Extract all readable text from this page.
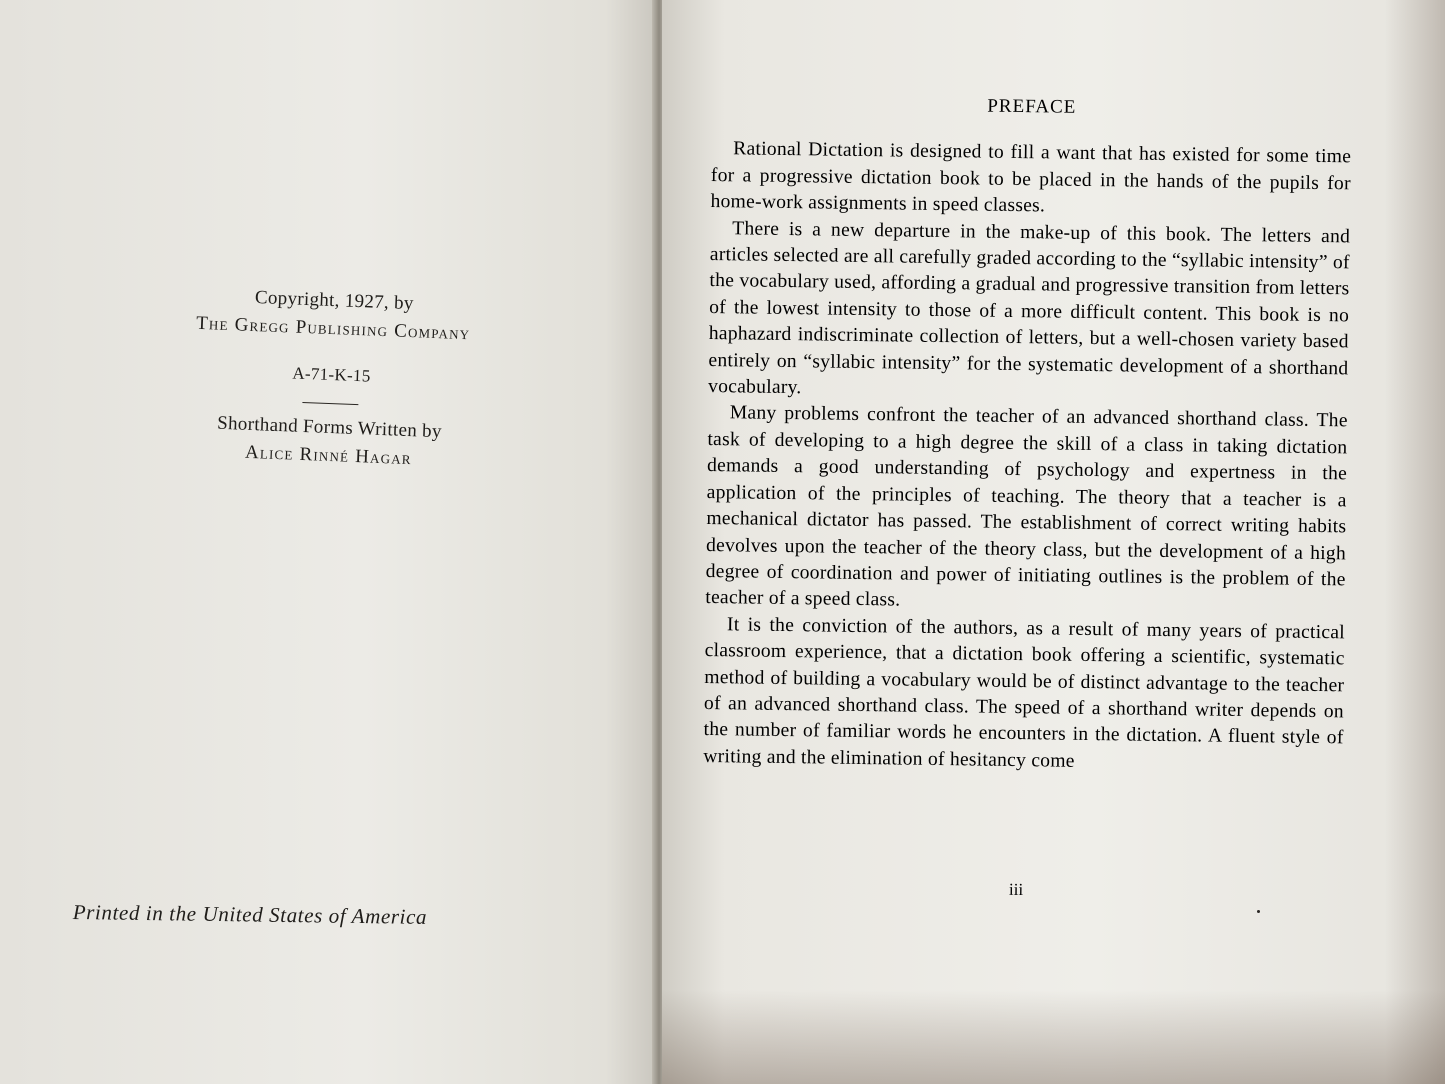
Copyright, 1927, by
The Gregg Publishing Company
A-71-K-15
Shorthand Forms Written by
Alice Rinné Hagar
Printed in the United States of America
PREFACE

Rational Dictation is designed to fill a want that has existed for some time for a progressive dictation book to be placed in the hands of the pupils for home-work assignments in speed classes.

There is a new departure in the make-up of this book. The letters and articles selected are all carefully graded according to the “syllabic intensity” of the vocabulary used, affording a gradual and progressive transition from letters of the lowest intensity to those of a more difficult content. This book is no haphazard indiscriminate collection of letters, but a well-chosen variety based entirely on “syllabic intensity” for the systematic development of a shorthand vocabulary.

Many problems confront the teacher of an advanced shorthand class. The task of developing to a high degree the skill of a class in taking dictation demands a good understanding of psychology and expertness in the application of the principles of teaching. The theory that a teacher is a mechanical dictator has passed. The establishment of correct writing habits devolves upon the teacher of the theory class, but the development of a high degree of coordination and power of initiating outlines is the problem of the teacher of a speed class.

It is the conviction of the authors, as a result of many years of practical classroom experience, that a dictation book offering a scientific, systematic method of building a vocabulary would be of distinct advantage to the teacher of an advanced shorthand class. The speed of a shorthand writer depends on the number of familiar words he encounters in the dictation. A fluent style of writing and the elimination of hesitancy come

iii
